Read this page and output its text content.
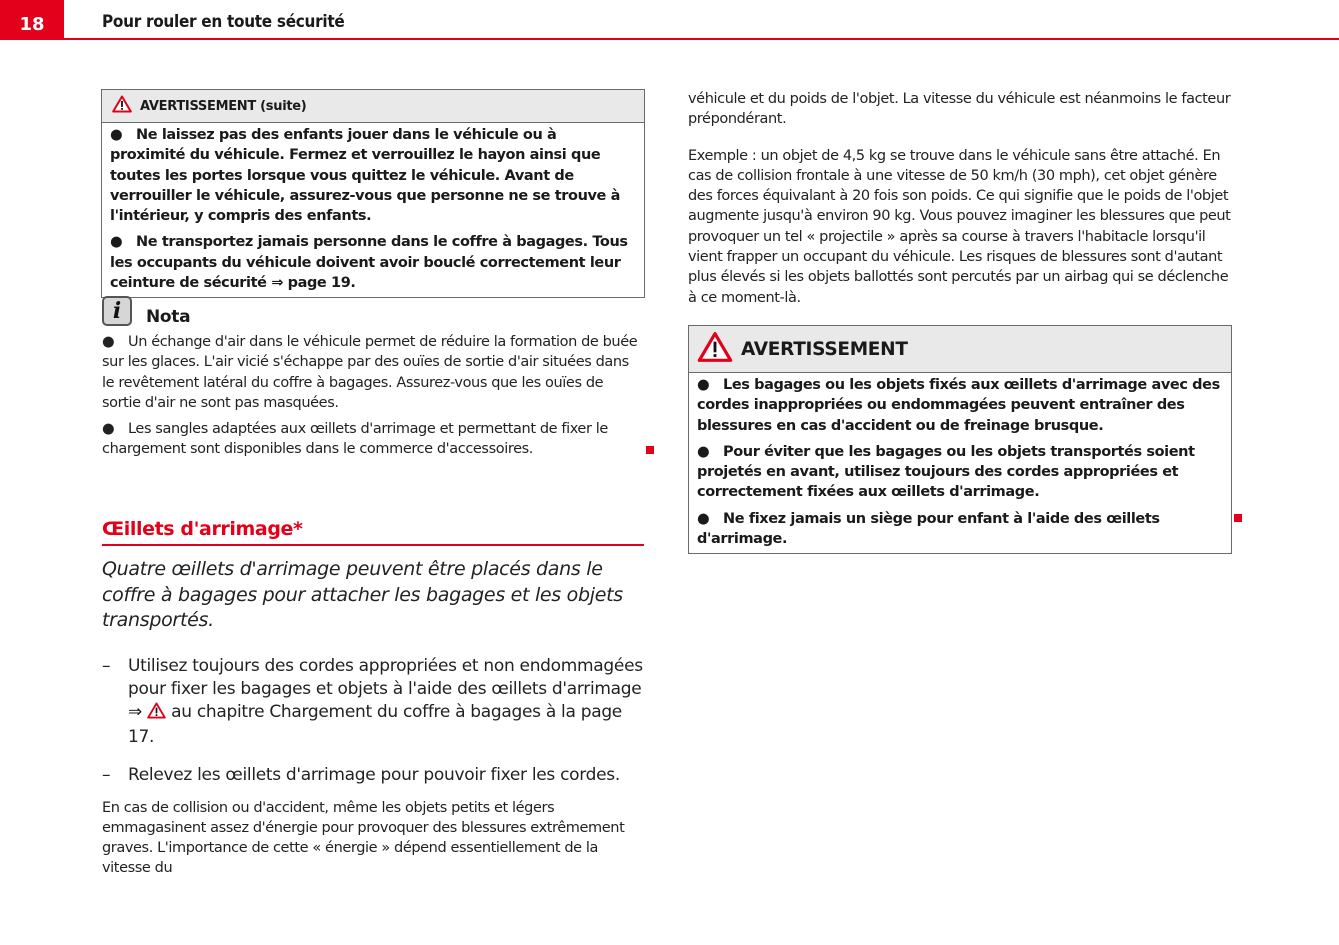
18	Pour rouler en toute sécurité
AVERTISSEMENT (suite)

● Ne laissez pas des enfants jouer dans le véhicule ou à proximité du véhicule. Fermez et verrouillez le hayon ainsi que toutes les portes lorsque vous quittez le véhicule. Avant de verrouiller le véhicule, assurez-vous que personne ne se trouve à l'intérieur, y compris des enfants.

● Ne transportez jamais personne dans le coffre à bagages. Tous les occupants du véhicule doivent avoir bouclé correctement leur ceinture de sécurité ⇒ page 19.

i	Nota

● Un échange d'air dans le véhicule permet de réduire la formation de buée sur les glaces. L'air vicié s'échappe par des ouïes de sortie d'air situées dans le revêtement latéral du coffre à bagages. Assurez-vous que les ouïes de sortie d'air ne sont pas masquées.

● Les sangles adaptées aux œillets d'arrimage et permettant de fixer le chargement sont disponibles dans le commerce d'accessoires.

Œillets d'arrimage*
Quatre œillets d'arrimage peuvent être placés dans le coffre à bagages pour attacher les bagages et les objets transportés.
–	Utilisez toujours des cordes appropriées et non endommagées pour fixer les bagages et objets à l'aide des œillets d'arrimage ⇒  au chapitre Chargement du coffre à bagages à la page 17.
–	Relevez les œillets d'arrimage pour pouvoir fixer les cordes.

En cas de collision ou d'accident, même les objets petits et légers emmagasinent assez d'énergie pour provoquer des blessures extrêmement graves. L'importance de cette « énergie » dépend essentiellement de la vitesse du

véhicule et du poids de l'objet. La vitesse du véhicule est néanmoins le facteur prépondérant.

Exemple : un objet de 4,5 kg se trouve dans le véhicule sans être attaché. En cas de collision frontale à une vitesse de 50 km/h (30 mph), cet objet génère des forces équivalant à 20 fois son poids. Ce qui signifie que le poids de l'objet augmente jusqu'à environ 90 kg. Vous pouvez imaginer les blessures que peut provoquer un tel « projectile » après sa course à travers l'habitacle lorsqu'il vient frapper un occupant du véhicule. Les risques de blessures sont d'autant plus élevés si les objets ballottés sont percutés par un airbag qui se déclenche à ce moment-là.

AVERTISSEMENT

● Les bagages ou les objets fixés aux œillets d'arrimage avec des cordes inappropriées ou endommagées peuvent entraîner des blessures en cas d'accident ou de freinage brusque.

● Pour éviter que les bagages ou les objets transportés soient projetés en avant, utilisez toujours des cordes appropriées et correctement fixées aux œillets d'arrimage.

● Ne fixez jamais un siège pour enfant à l'aide des œillets d'arrimage.
